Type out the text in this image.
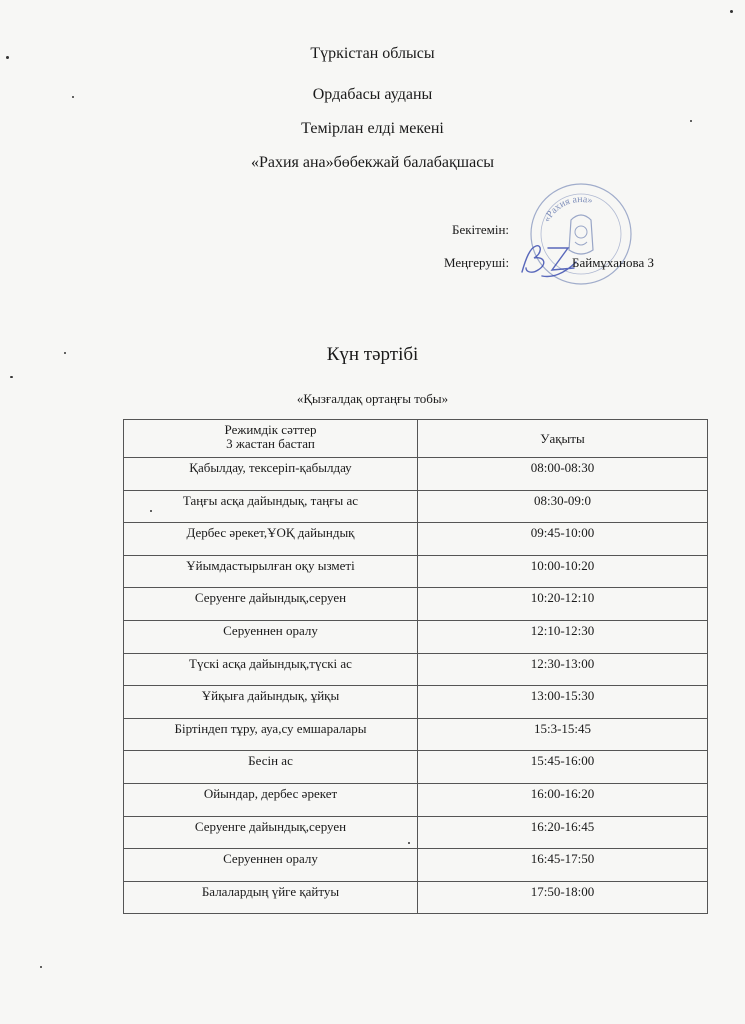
Түркістан облысы
Ордабасы ауданы
Темірлан елді мекені
«Рахия ана»бөбекжай балабақшасы
«Рахия ана»
Бекітемін:
Меңгеруші:	Баймұханова З
Күн тәртібі
«Қызғалдақ ортаңғы тобы»
Режимдік сәттер
3 жастан бастап	Уақыты
Қабылдау, тексеріп-қабылдау	08:00-08:30
Таңғы асқа дайындық, таңғы ас	08:30-09:0
Дербес әрекет,ҰОҚ дайындық	09:45-10:00
Ұйымдастырылған оқу ызметі	10:00-10:20
Серуенге дайындық,серуен	10:20-12:10
Серуеннен оралу	12:10-12:30
Түскі асқа дайындық,түскі ас	12:30-13:00
Ұйқыға дайындық, ұйқы	13:00-15:30
Біртіндеп тұру, ауа,су емшаралары	15:3-15:45
Бесін ас	15:45-16:00
Ойындар, дербес әрекет	16:00-16:20
Серуенге дайындық,серуен	16:20-16:45
Серуеннен оралу	16:45-17:50
Балалардың үйге қайтуы	17:50-18:00
